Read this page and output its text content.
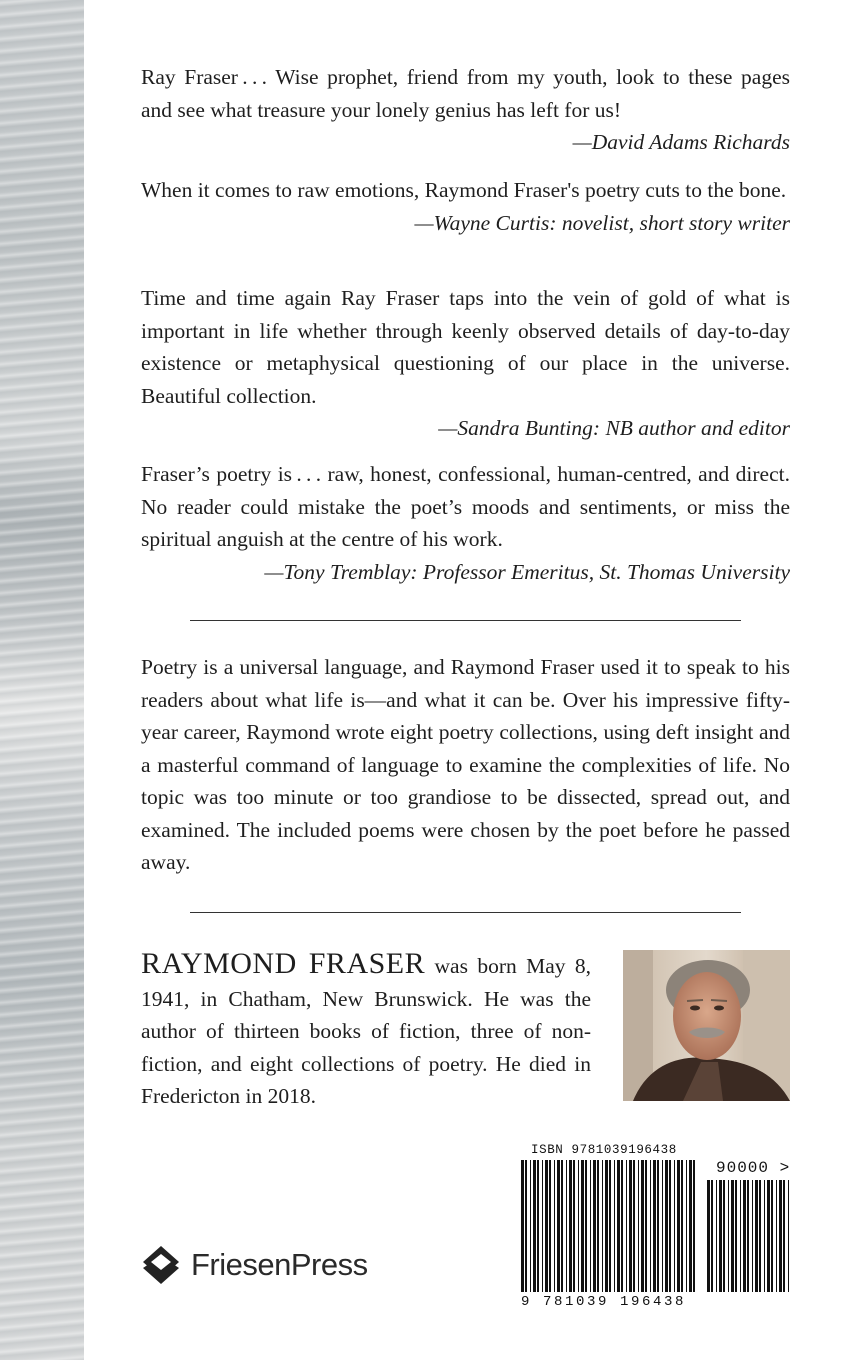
Ray Fraser . . . Wise prophet, friend from my youth, look to these pages and see what treasure your lonely genius has left for us!

—David Adams Richards

When it comes to raw emotions, Raymond Fraser's poetry cuts to the bone.

—Wayne Curtis: novelist, short story writer

Time and time again Ray Fraser taps into the vein of gold of what is important in life whether through keenly observed details of day-to-day existence or metaphysical questioning of our place in the universe. Beautiful collection.

—Sandra Bunting: NB author and editor

Fraser’s poetry is . . . raw, honest, confessional, human-centred, and direct. No reader could mistake the poet’s moods and sentiments, or miss the spiritual anguish at the centre of his work.

—Tony Tremblay: Professor Emeritus, St. Thomas University

Poetry is a universal language, and Raymond Fraser used it to speak to his readers about what life is—and what it can be. Over his impressive fifty-year career, Raymond wrote eight poetry collections, using deft insight and a masterful command of language to examine the complexities of life. No topic was too minute or too grandiose to be dissected, spread out, and examined. The included poems were chosen by the poet before he passed away.

RAYMOND FRASER was born May 8, 1941, in Chatham, New Brunswick. He was the author of thirteen books of fiction, three of non-fiction, and eight collections of poetry. He died in Fredericton in 2018.
FriesenPress
ISBN 9781039196438
90000 >
9 781039 196438
